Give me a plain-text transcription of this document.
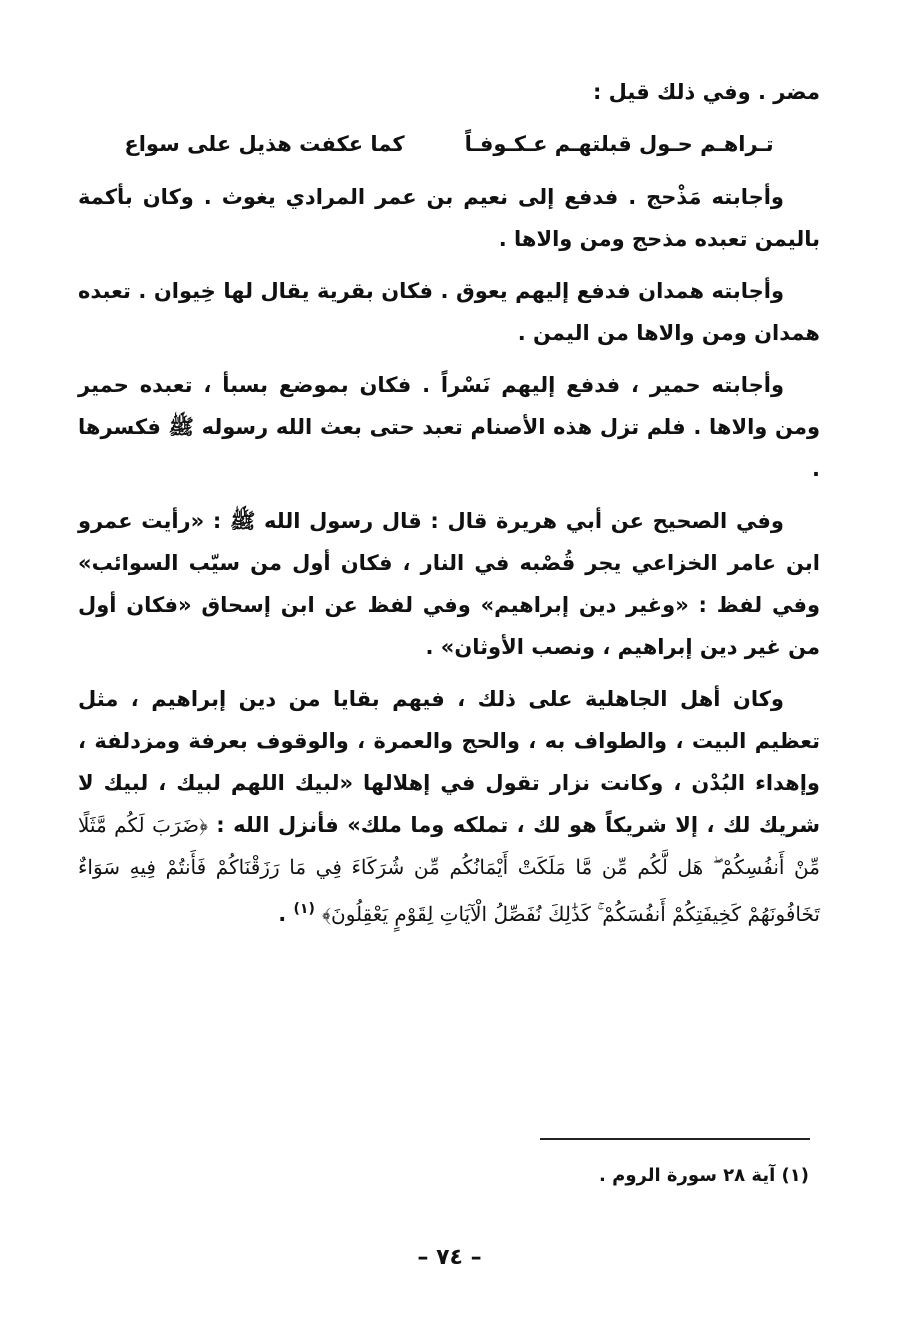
مضر . وفي ذلك قيل :

تـراهـم حـول قبلتهـم عـكـوفـاً
كما عكفت هذيل على سواع

وأجابته مَذْحج . فدفع إلى نعيم بن عمر المرادي يغوث . وكان بأكمة باليمن تعبده مذحج ومن والاها .

وأجابته همدان فدفع إليهم يعوق . فكان بقرية يقال لها خِيوان . تعبده همدان ومن والاها من اليمن .

وأجابته حمير ، فدفع إليهم نَسْراً . فكان بموضع بسبأ ، تعبده حمير ومن والاها . فلم تزل هذه الأصنام تعبد حتى بعث الله رسوله ﷺ فكسرها .

وفي الصحيح عن أبي هريرة قال : قال رسول الله ﷺ : «رأيت عمرو ابن عامر الخزاعي يجر قُصْبه في النار ، فكان أول من سيّب السوائب» وفي لفظ : «وغير دين إبراهيم» وفي لفظ عن ابن إسحاق «فكان أول من غير دين إبراهيم ، ونصب الأوثان» .

وكان أهل الجاهلية على ذلك ، فيهم بقايا من دين إبراهيم ، مثل تعظيم البيت ، والطواف به ، والحج والعمرة ، والوقوف بعرفة ومزدلفة ، وإهداء البُدْن ، وكانت نزار تقول في إهلالها «لبيك اللهم لبيك ، لبيك لا شريك لك ، إلا شريكاً هو لك ، تملكه وما ملك» فأنزل الله : ﴿ضَرَبَ لَكُم مَّثَلًا مِّنْ أَنفُسِكُمْ ۖ هَل لَّكُم مِّن مَّا مَلَكَتْ أَيْمَانُكُم مِّن شُرَكَاءَ فِي مَا رَزَقْنَاكُمْ فَأَنتُمْ فِيهِ سَوَاءٌ تَخَافُونَهُمْ كَخِيفَتِكُمْ أَنفُسَكُمْ ۚ كَذَٰلِكَ نُفَصِّلُ الْآيَاتِ لِقَوْمٍ يَعْقِلُونَ﴾ $^{(١)}$ .

(١) آية ٢٨ سورة الروم .
– ٧٤ –
